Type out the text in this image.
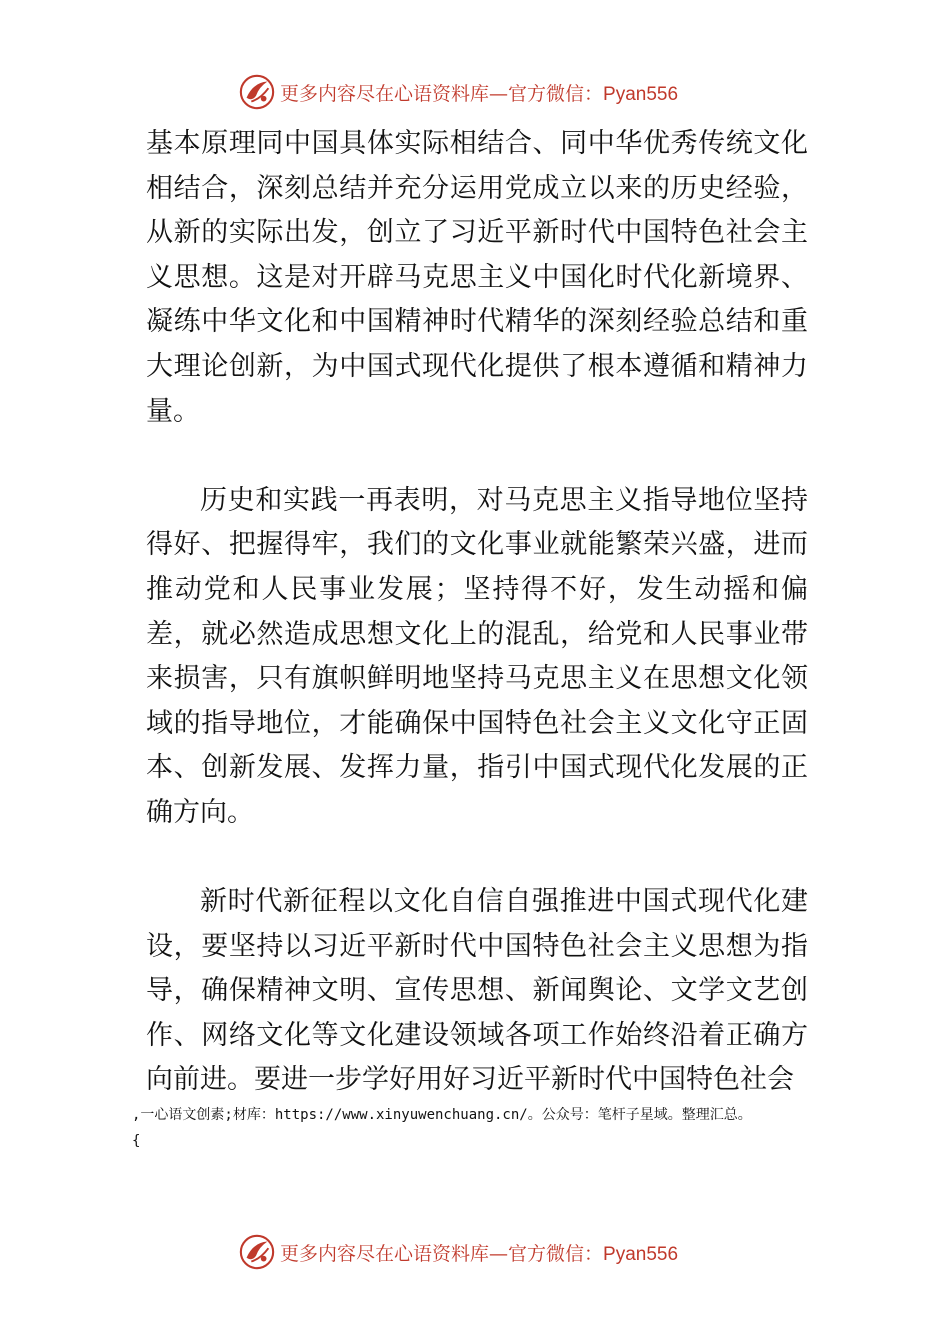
更多内容尽在心语资料库—官方微信：Pyan556

基本原理同中国具体实际相结合、同中华优秀传统文化相结合，深刻总结并充分运用党成立以来的历史经验，从新的实际出发，创立了习近平新时代中国特色社会主义思想。这是对开辟马克思主义中国化时代化新境界、凝练中华文化和中国精神时代精华的深刻经验总结和重大理论创新，为中国式现代化提供了根本遵循和精神力量。

历史和实践一再表明，对马克思主义指导地位坚持得好、把握得牢，我们的文化事业就能繁荣兴盛，进而推动党和人民事业发展；坚持得不好，发生动摇和偏差，就必然造成思想文化上的混乱，给党和人民事业带来损害，只有旗帜鲜明地坚持马克思主义在思想文化领域的指导地位，才能确保中国特色社会主义文化守正固本、创新发展、发挥力量，指引中国式现代化发展的正确方向。

新时代新征程以文化自信自强推进中国式现代化建设，要坚持以习近平新时代中国特色社会主义思想为指导，确保精神文明、宣传思想、新闻舆论、文学文艺创作、网络文化等文化建设领域各项工作始终沿着正确方向前进。要进一步学好用好习近平新时代中国特色社会

,一心语文创素;材库：https://www.xinyuwenchuang.cn/。公众号：笔杆子星域。整理汇总。
{
更多内容尽在心语资料库—官方微信：Pyan556
